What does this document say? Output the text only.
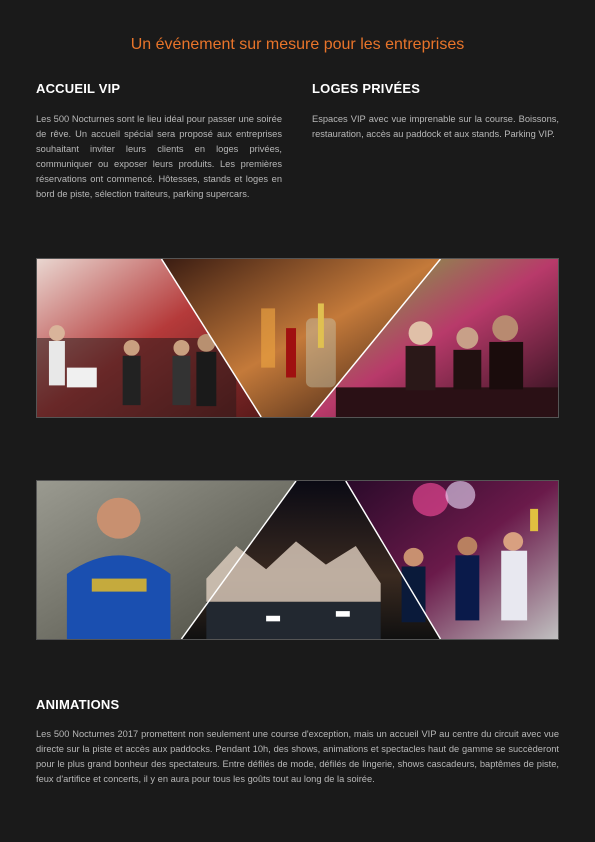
Un événement sur mesure pour les entreprises
ACCUEIL VIP
Les 500 Nocturnes sont le lieu idéal pour passer une soirée de rêve. Un accueil spécial sera proposé aux entreprises souhaitant inviter leurs clients en loges privées, communiquer ou exposer leurs produits. Les premières réservations ont commencé. Hôtesses, stands et loges en bord de piste, sélection traiteurs, parking supercars.
LOGES PRIVÉES
Espaces VIP avec vue imprenable sur la course. Boissons, restauration, accès au paddock et aux stands. Parking VIP.
ANIMATIONS
Les 500 Nocturnes 2017 promettent non seulement une course d'exception, mais un accueil VIP au centre du circuit avec vue directe sur la piste et accès aux paddocks. Pendant 10h, des shows, animations et spectacles haut de gamme se succèderont pour le plus grand bonheur des spectateurs. Entre défilés de mode, défilés de lingerie, shows cascadeurs, baptêmes de piste, feux d'artifice et concerts, il y en aura pour tous les goûts tout au long de la soirée.
